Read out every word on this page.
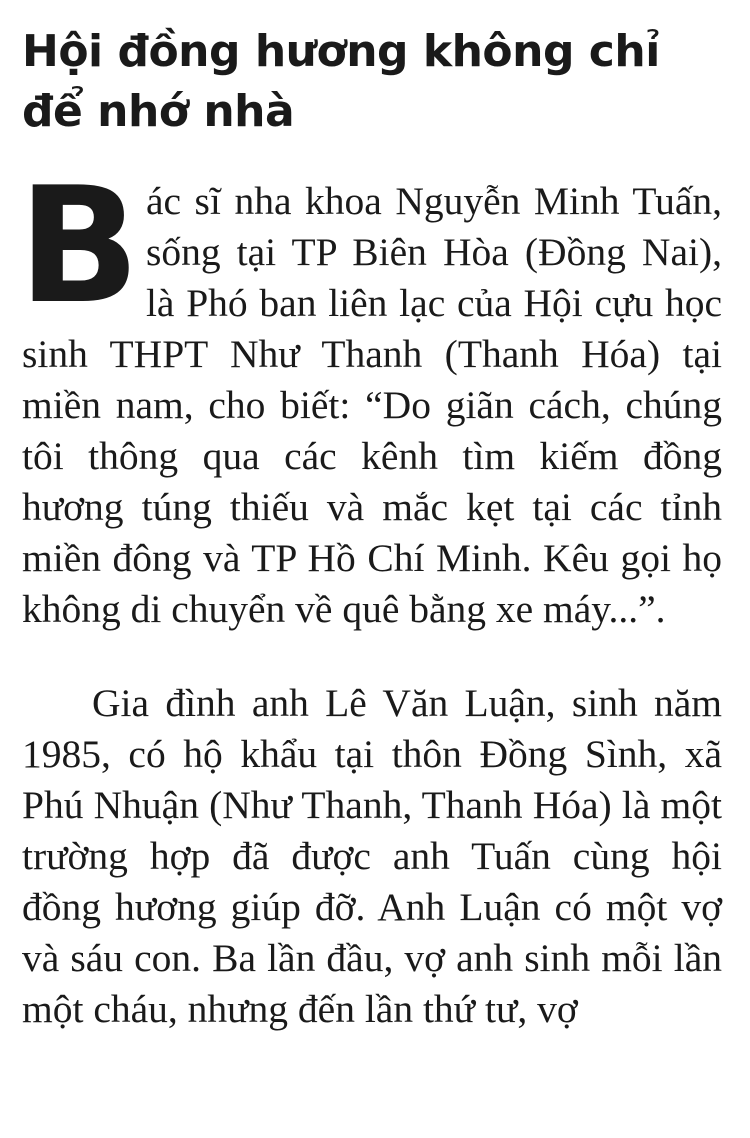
Hội đồng hương không chỉ để nhớ nhà

Bác sĩ nha khoa Nguyễn Minh Tuấn, sống tại TP Biên Hòa (Đồng Nai), là Phó ban liên lạc của Hội cựu học sinh THPT Như Thanh (Thanh Hóa) tại miền nam, cho biết: “Do giãn cách, chúng tôi thông qua các kênh tìm kiếm đồng hương túng thiếu và mắc kẹt tại các tỉnh miền đông và TP Hồ Chí Minh. Kêu gọi họ không di chuyển về quê bằng xe máy...”.

Gia đình anh Lê Văn Luận, sinh năm 1985, có hộ khẩu tại thôn Đồng Sình, xã Phú Nhuận (Như Thanh, Thanh Hóa) là một trường hợp đã được anh Tuấn cùng hội đồng hương giúp đỡ. Anh Luận có một vợ và sáu con. Ba lần đầu, vợ anh sinh mỗi lần một cháu, nhưng đến lần thứ tư, vợ
